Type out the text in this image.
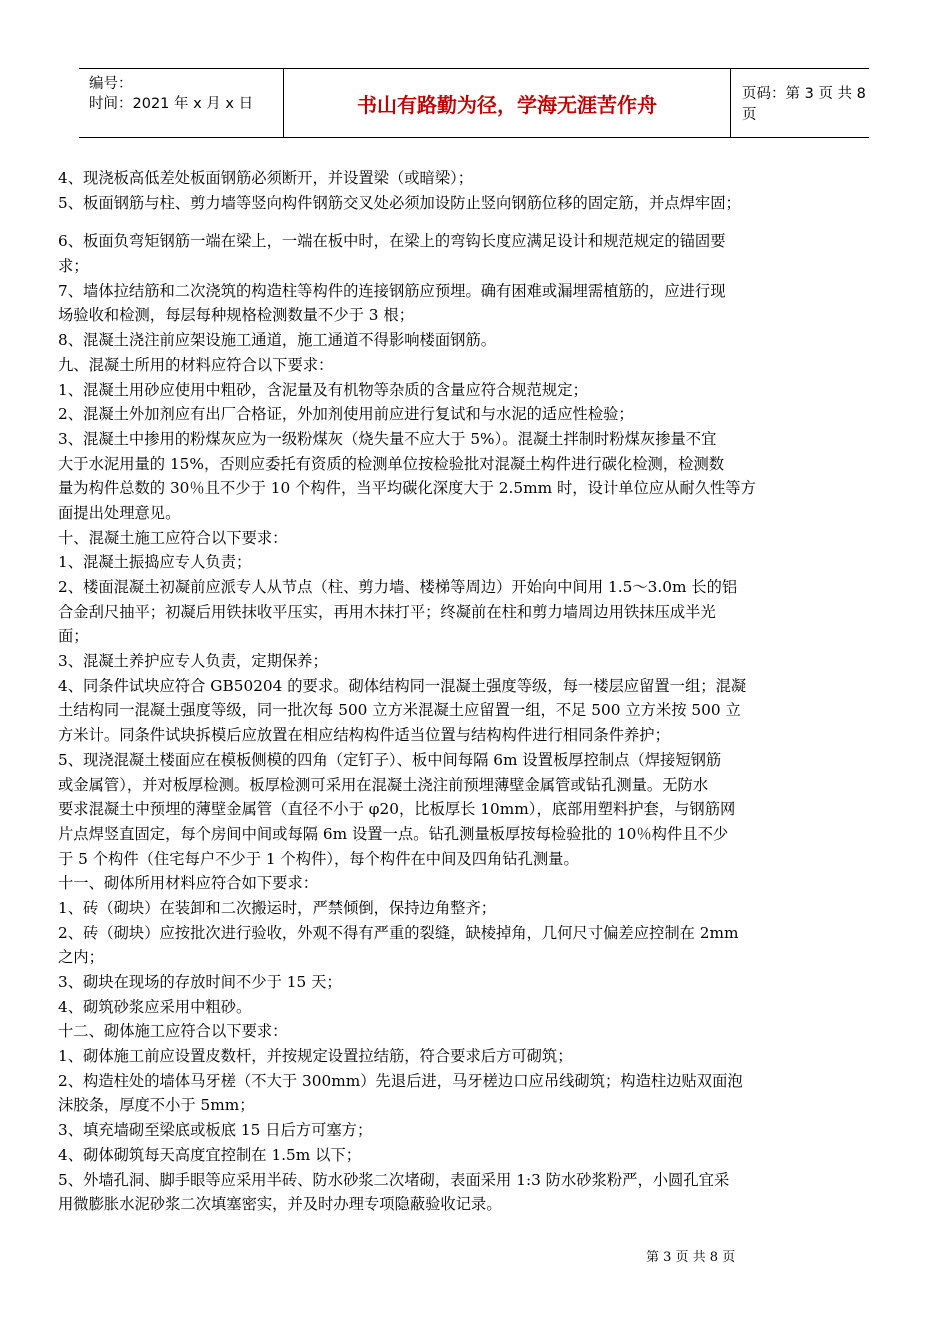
编号：
时间：2021 年 x 月 x 日	书山有路勤为径，学海无涯苦作舟	页码：第 3 页 共 8 页
4、现浇板高低差处板面钢筋必须断开，并设置梁（或暗梁）；
5、板面钢筋与柱、剪力墙等竖向构件钢筋交叉处必须加设防止竖向钢筋位移的固定筋，并点焊牢固；
6、板面负弯矩钢筋一端在梁上，一端在板中时，在梁上的弯钩长度应满足设计和规范规定的锚固要
求；
7、墙体拉结筋和二次浇筑的构造柱等构件的连接钢筋应预埋。确有困难或漏埋需植筋的，应进行现
场验收和检测，每层每种规格检测数量不少于 3 根；
8、混凝土浇注前应架设施工通道，施工通道不得影响楼面钢筋。
九、混凝土所用的材料应符合以下要求：
1、混凝土用砂应使用中粗砂，含泥量及有机物等杂质的含量应符合规范规定；
2、混凝土外加剂应有出厂合格证，外加剂使用前应进行复试和与水泥的适应性检验；
3、混凝土中掺用的粉煤灰应为一级粉煤灰（烧失量不应大于 5%）。混凝土拌制时粉煤灰掺量不宜
大于水泥用量的 15%，否则应委托有资质的检测单位按检验批对混凝土构件进行碳化检测，检测数
量为构件总数的 30％且不少于 10 个构件，当平均碳化深度大于 2.5mm 时，设计单位应从耐久性等方
面提出处理意见。
十、混凝土施工应符合以下要求：
1、混凝土振捣应专人负责；
2、楼面混凝土初凝前应派专人从节点（柱、剪力墙、楼梯等周边）开始向中间用 1.5～3.0m 长的铝
合金刮尺抽平；初凝后用铁抹收平压实，再用木抹打平；终凝前在柱和剪力墙周边用铁抹压成半光
面；
3、混凝土养护应专人负责，定期保养；
4、同条件试块应符合 GB50204 的要求。砌体结构同一混凝土强度等级，每一楼层应留置一组；混凝
土结构同一混凝土强度等级，同一批次每 500 立方米混凝土应留置一组，不足 500 立方米按 500 立
方米计。同条件试块拆模后应放置在相应结构构件适当位置与结构构件进行相同条件养护；
5、现浇混凝土楼面应在模板侧模的四角（定钉子）、板中间每隔 6m 设置板厚控制点（焊接短钢筋
或金属管），并对板厚检测。板厚检测可采用在混凝土浇注前预埋薄壁金属管或钻孔测量。无防水
要求混凝土中预埋的薄壁金属管（直径不小于 φ20，比板厚长 10mm），底部用塑料护套，与钢筋网
片点焊竖直固定，每个房间中间或每隔 6m 设置一点。钻孔测量板厚按每检验批的 10％构件且不少
于 5 个构件（住宅每户不少于 1 个构件），每个构件在中间及四角钻孔测量。
十一、砌体所用材料应符合如下要求：
1、砖（砌块）在装卸和二次搬运时，严禁倾倒，保持边角整齐；
2、砖（砌块）应按批次进行验收，外观不得有严重的裂缝，缺棱掉角，几何尺寸偏差应控制在 2mm
之内；
3、砌块在现场的存放时间不少于 15 天；
4、砌筑砂浆应采用中粗砂。
十二、砌体施工应符合以下要求：
1、砌体施工前应设置皮数杆，并按规定设置拉结筋，符合要求后方可砌筑；
2、构造柱处的墙体马牙槎（不大于 300mm）先退后进，马牙槎边口应吊线砌筑；构造柱边贴双面泡
沫胶条，厚度不小于 5mm；
3、填充墙砌至梁底或板底 15 日后方可塞方；
4、砌体砌筑每天高度宜控制在 1.5m 以下；
5、外墙孔洞、脚手眼等应采用半砖、防水砂浆二次堵砌，表面采用 1:3 防水砂浆粉严，小圆孔宜采
用微膨胀水泥砂浆二次填塞密实，并及时办理专项隐蔽验收记录。
第 3 页 共 8 页
